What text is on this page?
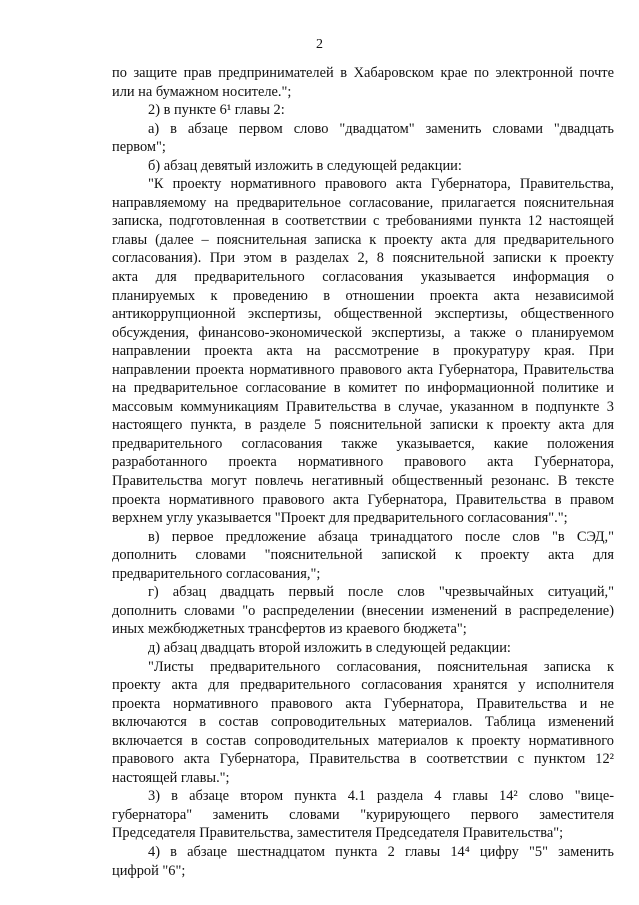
2
по защите прав предпринимателей в Хабаровском крае по электронной почте
или на бумажном носителе.";
2) в пункте 6¹ главы 2:
а) в абзаце первом слово "двадцатом" заменить словами "двадцать
первом";
б) абзац девятый изложить в следующей редакции:
"К проекту нормативного правового акта Губернатора, Правительства,
направляемому на предварительное согласование, прилагается пояснительная
записка, подготовленная в соответствии с требованиями пункта 12 настоящей
главы (далее – пояснительная записка к проекту акта для предварительного
согласования). При этом в разделах 2, 8 пояснительной записки к проекту
акта для предварительного согласования указывается информация о
планируемых к проведению в отношении проекта акта независимой
антикоррупционной экспертизы, общественной экспертизы, общественного
обсуждения, финансово-экономической экспертизы, а также о планируемом
направлении проекта акта на рассмотрение в прокуратуру края. При
направлении проекта нормативного правового акта Губернатора, Правительства
на предварительное согласование в комитет по информационной политике и
массовым коммуникациям Правительства в случае, указанном в подпункте 3
настоящего пункта, в разделе 5 пояснительной записки к проекту акта для
предварительного согласования также указывается, какие положения
разработанного проекта нормативного правового акта Губернатора,
Правительства могут повлечь негативный общественный резонанс. В тексте
проекта нормативного правового акта Губернатора, Правительства в правом
верхнем углу указывается "Проект для предварительного согласования".";
в) первое предложение абзаца тринадцатого после слов "в СЭД,"
дополнить словами "пояснительной запиской к проекту акта для
предварительного согласования,";
г) абзац двадцать первый после слов "чрезвычайных ситуаций,"
дополнить словами "о распределении (внесении изменений в распределение)
иных межбюджетных трансфертов из краевого бюджета";
д) абзац двадцать второй изложить в следующей редакции:
"Листы предварительного согласования, пояснительная записка к
проекту акта для предварительного согласования хранятся у исполнителя
проекта нормативного правового акта Губернатора, Правительства и не
включаются в состав сопроводительных материалов. Таблица изменений
включается в состав сопроводительных материалов к проекту нормативного
правового акта Губернатора, Правительства в соответствии с пунктом 12²
настоящей главы.";
3) в абзаце втором пункта 4.1 раздела 4 главы 14² слово "вице-
губернатора" заменить словами "курирующего первого заместителя
Председателя Правительства, заместителя Председателя Правительства";
4) в абзаце шестнадцатом пункта 2 главы 14⁴ цифру "5" заменить
цифрой "6";
